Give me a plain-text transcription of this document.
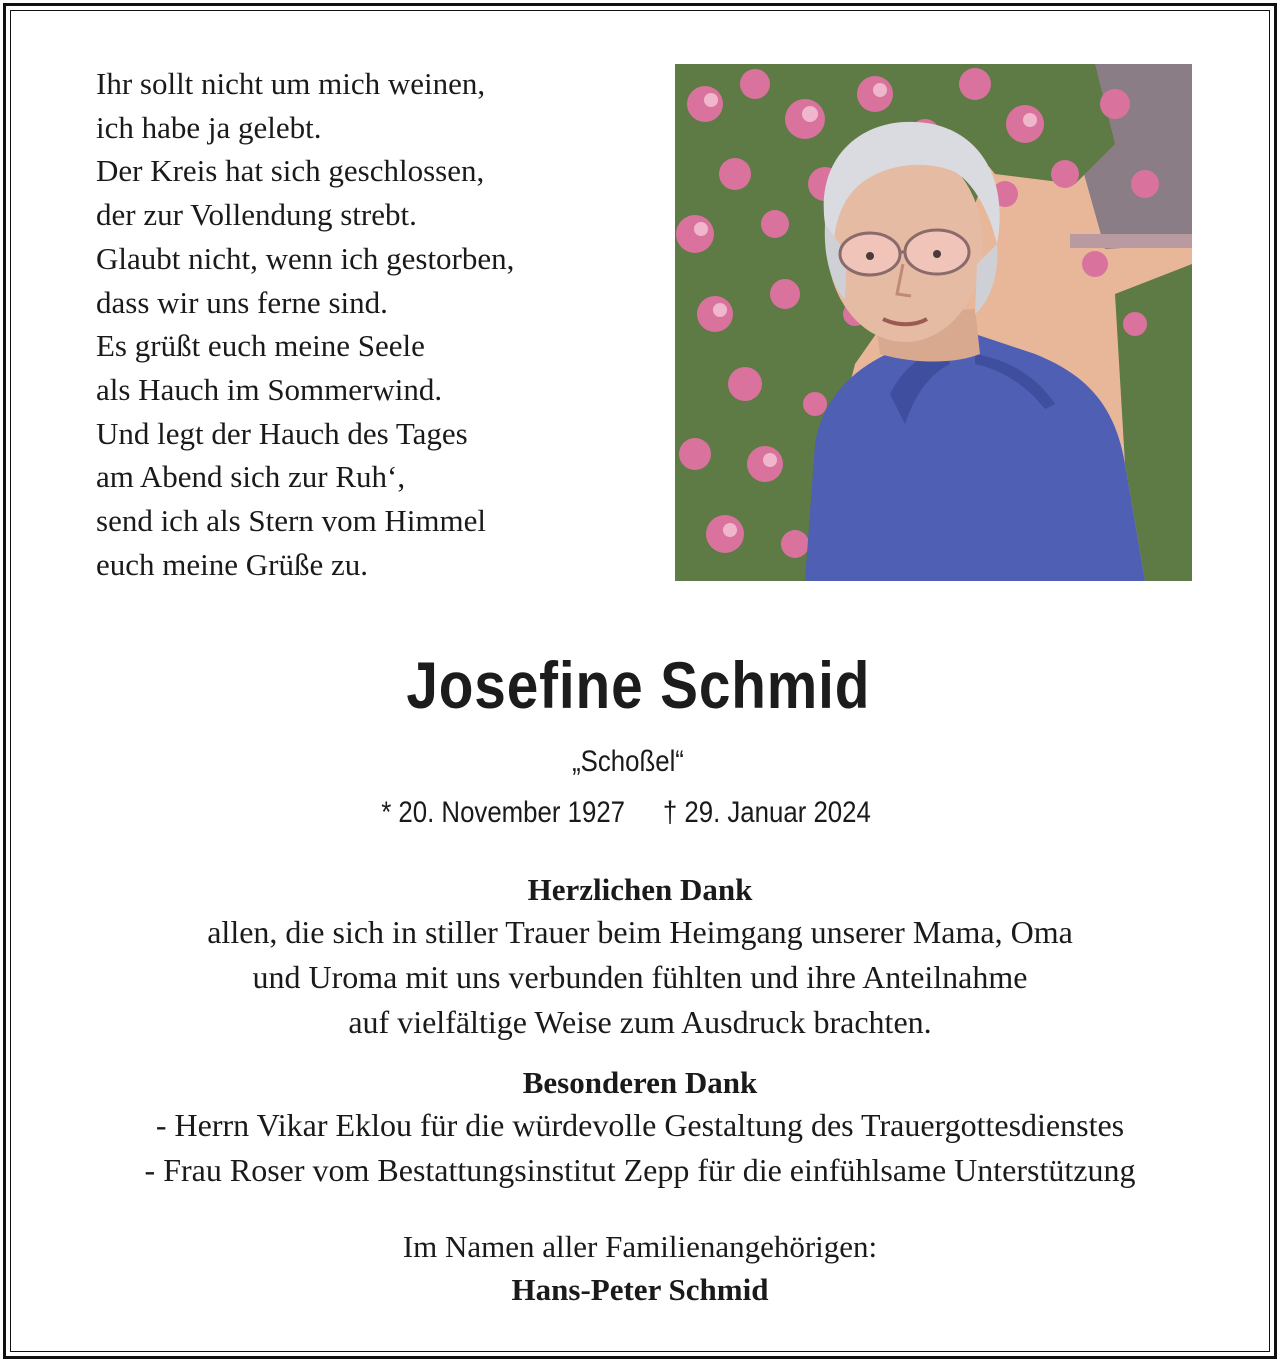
Ihr sollt nicht um mich weinen,
ich habe ja gelebt.
Der Kreis hat sich geschlossen,
der zur Vollendung strebt.
Glaubt nicht, wenn ich gestorben,
dass wir uns ferne sind.
Es grüßt euch meine Seele
als Hauch im Sommerwind.
Und legt der Hauch des Tages
am Abend sich zur Ruh‘,
send ich als Stern vom Himmel
euch meine Grüße zu.
Josefine Schmid
„Schoßel“
* 20. November 1927 † 29. Januar 2024
Herzlichen Dank
allen, die sich in stiller Trauer beim Heimgang unserer Mama, Oma
und Uroma mit uns verbunden fühlten und ihre Anteilnahme
auf vielfältige Weise zum Ausdruck brachten.
Besonderen Dank
- Herrn Vikar Eklou für die würdevolle Gestaltung des Trauergottesdienstes
- Frau Roser vom Bestattungsinstitut Zepp für die einfühlsame Unterstützung
Im Namen aller Familienangehörigen:
Hans-Peter Schmid
